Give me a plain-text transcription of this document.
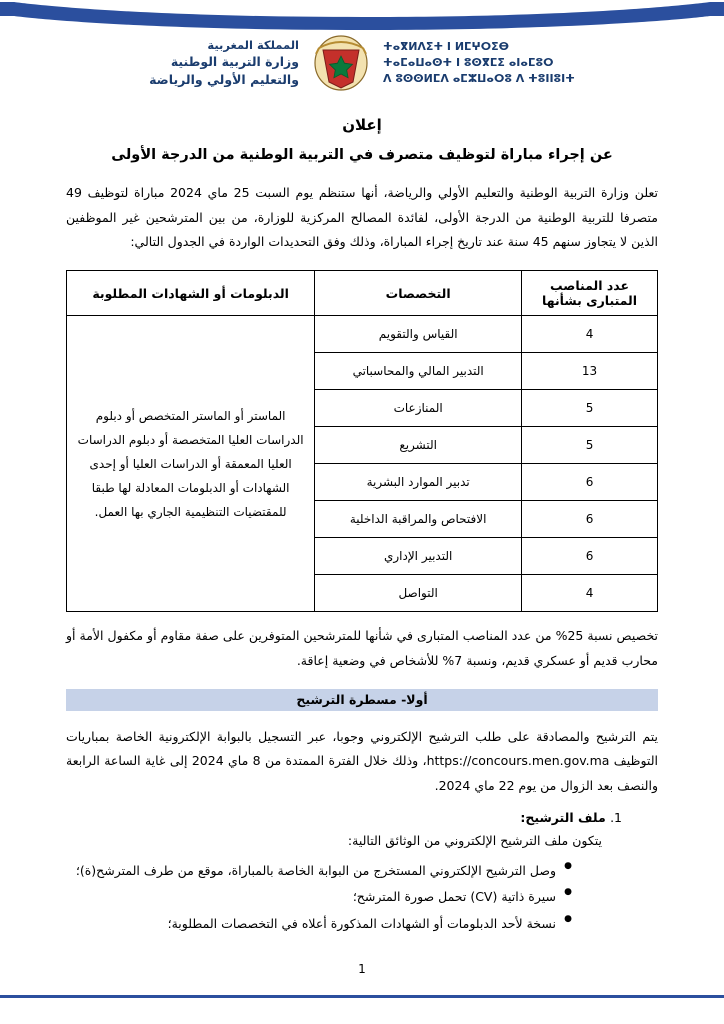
المملكة المغربية
وزارة التربية الوطنية
والتعليم الأولي والرياضة
ⵜⴰⴳⵍⴷⵉⵜ ⵏ ⵍⵎⵖⵔⵉⴱ
ⵜⴰⵎⴰⵡⴰⵙⵜ ⵏ ⵓⵙⴳⵎⵉ ⴰⵏⴰⵎⵓⵔ
ⴷ ⵓⵙⵙⵍⵎⴷ ⴰⵎⵣⵡⴰⵔⵓ ⴷ ⵜⵓⵏⵏⵓⵏⵜ
إعلان
عن إجراء مباراة لتوظيف متصرف في التربية الوطنية من الدرجة الأولى
تعلن وزارة التربية الوطنية والتعليم الأولي والرياضة، أنها ستنظم يوم السبت 25 ماي 2024 مباراة لتوظيف 49 متصرفا للتربية الوطنية من الدرجة الأولى، لفائدة المصالح المركزية للوزارة، من بين المترشحين غير الموظفين الذين لا يتجاوز سنهم 45 سنة عند تاريخ إجراء المباراة، وذلك وفق التحديدات الواردة في الجدول التالي:
عدد المناصب المتبارى بشأنها	التخصصات	الدبلومات أو الشهادات المطلوبة
4	القياس والتقويم	الماستر أو الماستر المتخصص أو دبلوم الدراسات العليا المتخصصة أو دبلوم الدراسات العليا المعمقة أو الدراسات العليا أو إحدى الشهادات أو الدبلومات المعادلة لها طبقا للمقتضيات التنظيمية الجاري بها العمل.
13	التدبير المالي والمحاسباتي	
5	المنازعات	
5	التشريع	
6	تدبير الموارد البشرية	
6	الافتحاص والمراقبة الداخلية	
6	التدبير الإداري	
4	التواصل	
تخصيص نسبة 25% من عدد المناصب المتبارى في شأنها للمترشحين المتوفرين على صفة مقاوم أو مكفول الأمة أو محارب قديم أو عسكري قديم، ونسبة 7% للأشخاص في وضعية إعاقة.
أولا- مسطرة الترشيح
يتم الترشيح والمصادقة على طلب الترشيح الإلكتروني وجوبا، عبر التسجيل بالبوابة الإلكترونية الخاصة بمباريات التوظيف https://concours.men.gov.ma، وذلك خلال الفترة الممتدة من 8 ماي 2024 إلى غاية الساعة الرابعة والنصف بعد الزوال من يوم 22 ماي 2024.
1. ملف الترشيح:
يتكون ملف الترشيح الإلكتروني من الوثائق التالية:
● وصل الترشيح الإلكتروني المستخرج من البوابة الخاصة بالمباراة، موقع من طرف المترشح(ة)؛
● سيرة ذاتية (CV) تحمل صورة المترشح؛
● نسخة لأحد الدبلومات أو الشهادات المذكورة أعلاه في التخصصات المطلوبة؛
1
